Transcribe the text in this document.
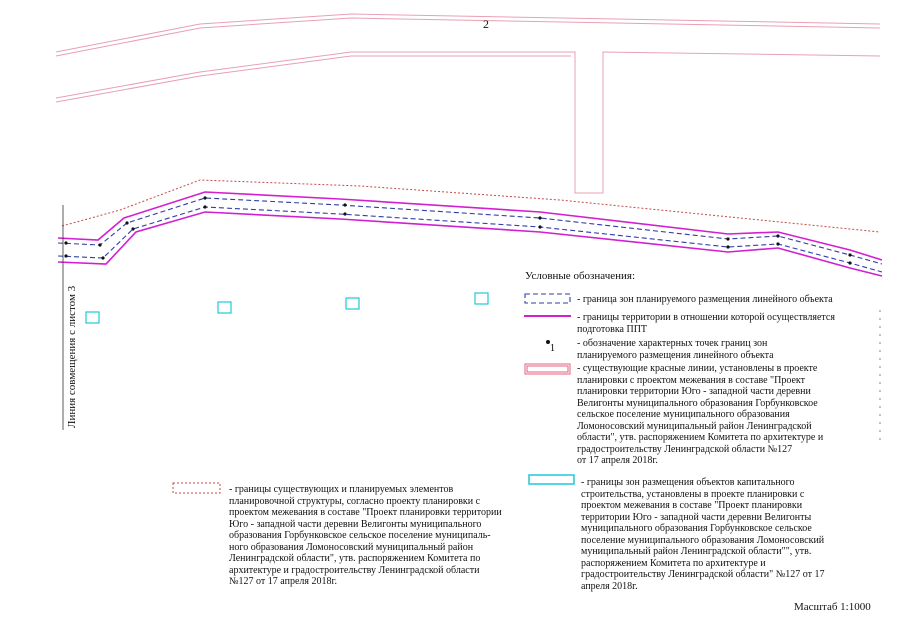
2
Линия совмещения с листом 3
Условные обозначения:
1
- граница зон планируемого размещения линейного объекта
- границы территории в отношении которой осуществляется
подготовка ППТ
- обозначение характерных точек границ зон
планируемого размещения линейного объекта
- существующие красные линии, установлены в проекте
планировки с проектом межевания в составе "Проект
планировки территории Юго - западной части деревни
Велигонты муниципального образования Горбунковское
сельское поселение муниципального образования
Ломоносовский муниципальный район Ленинградской
области", утв. распоряжением Комитета по архитектуре и
градостроительству Ленинградской области №127
от 17 апреля 2018г.
- границы зон размещения объектов капитального
строительства, установлены в проекте планировки с
проектом межевания в составе "Проект планировки
территории Юго - западной части деревни Велигонты
муниципального образования Горбунковское сельское
поселение муниципального образования Ломоносовский
муниципальный район Ленинградской области"", утв.
распоряжением Комитета по архитектуре и
градостроительству Ленинградской области" №127 от 17
апреля 2018г.
- границы существующих и планируемых элементов
планировочной структуры, согласно проекту планировки с
проектом межевания в составе "Проект планировки территории
Юго - западной части деревни Велигонты муниципального
образования Горбунковское сельское поселение муниципаль-
ного образования Ломоносовский муниципальный район
Ленинградской области", утв. распоряжением Комитета по
архитектуре и градостроительству Ленинградской области
№127 от 17 апреля 2018г.
Масштаб 1:1000
